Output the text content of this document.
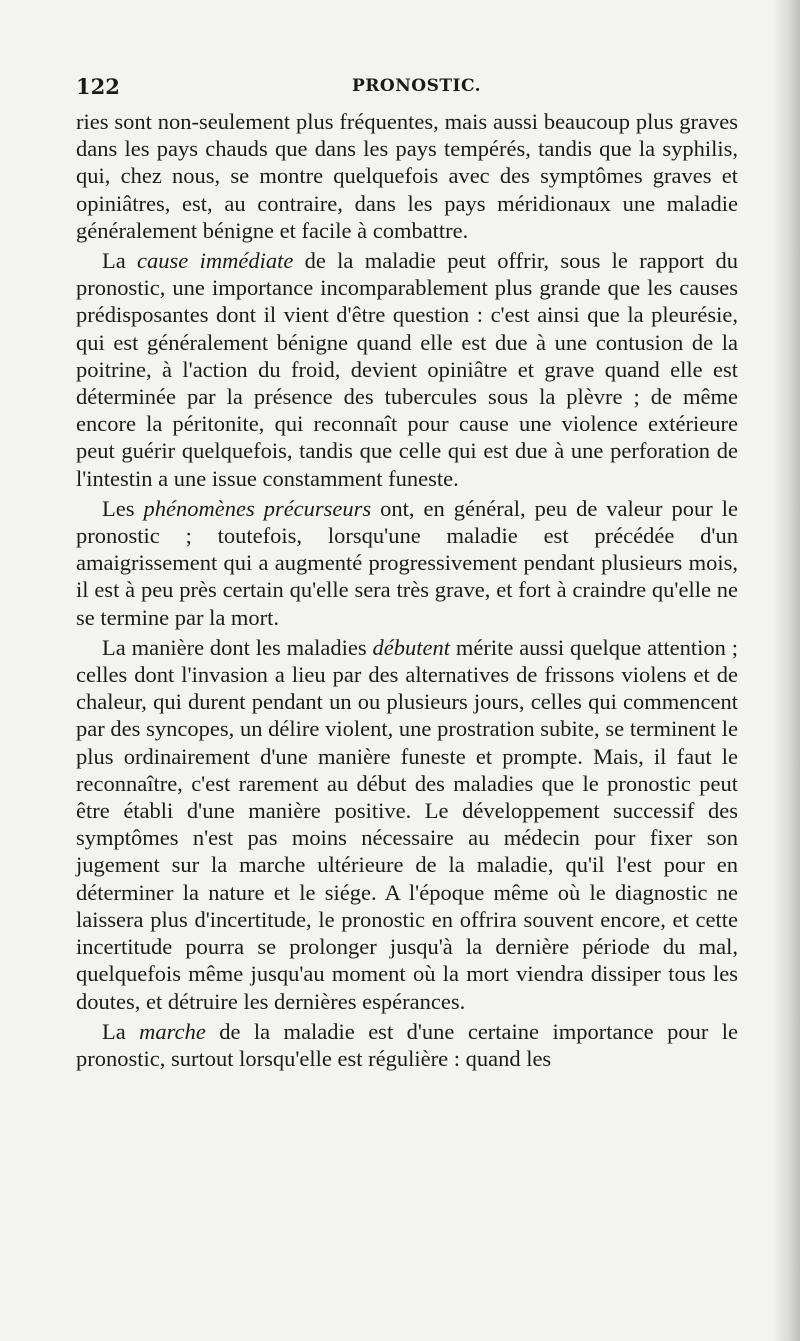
122	PRONOSTIC.

ries sont non-seulement plus fréquentes, mais aussi beaucoup plus graves dans les pays chauds que dans les pays tempérés, tandis que la syphilis, qui, chez nous, se montre quelquefois avec des symptômes graves et opiniâtres, est, au contraire, dans les pays méridionaux une maladie généralement bénigne et facile à combattre.

La cause immédiate de la maladie peut offrir, sous le rapport du pronostic, une importance incomparablement plus grande que les causes prédisposantes dont il vient d'être question : c'est ainsi que la pleurésie, qui est généralement bénigne quand elle est due à une contusion de la poitrine, à l'action du froid, devient opiniâtre et grave quand elle est déterminée par la présence des tubercules sous la plèvre ; de même encore la péritonite, qui reconnaît pour cause une violence extérieure peut guérir quelquefois, tandis que celle qui est due à une perforation de l'intestin a une issue constamment funeste.

Les phénomènes précurseurs ont, en général, peu de valeur pour le pronostic ; toutefois, lorsqu'une maladie est précédée d'un amaigrissement qui a augmenté progressivement pendant plusieurs mois, il est à peu près certain qu'elle sera très grave, et fort à craindre qu'elle ne se termine par la mort.

La manière dont les maladies débutent mérite aussi quelque attention ; celles dont l'invasion a lieu par des alternatives de frissons violens et de chaleur, qui durent pendant un ou plusieurs jours, celles qui commencent par des syncopes, un délire violent, une prostration subite, se terminent le plus ordinairement d'une manière funeste et prompte. Mais, il faut le reconnaître, c'est rarement au début des maladies que le pronostic peut être établi d'une manière positive. Le développement successif des symptômes n'est pas moins nécessaire au médecin pour fixer son jugement sur la marche ultérieure de la maladie, qu'il l'est pour en déterminer la nature et le siége. A l'époque même où le diagnostic ne laissera plus d'incertitude, le pronostic en offrira souvent encore, et cette incertitude pourra se prolonger jusqu'à la dernière période du mal, quelquefois même jusqu'au moment où la mort viendra dissiper tous les doutes, et détruire les dernières espérances.

La marche de la maladie est d'une certaine importance pour le pronostic, surtout lorsqu'elle est régulière : quand les
